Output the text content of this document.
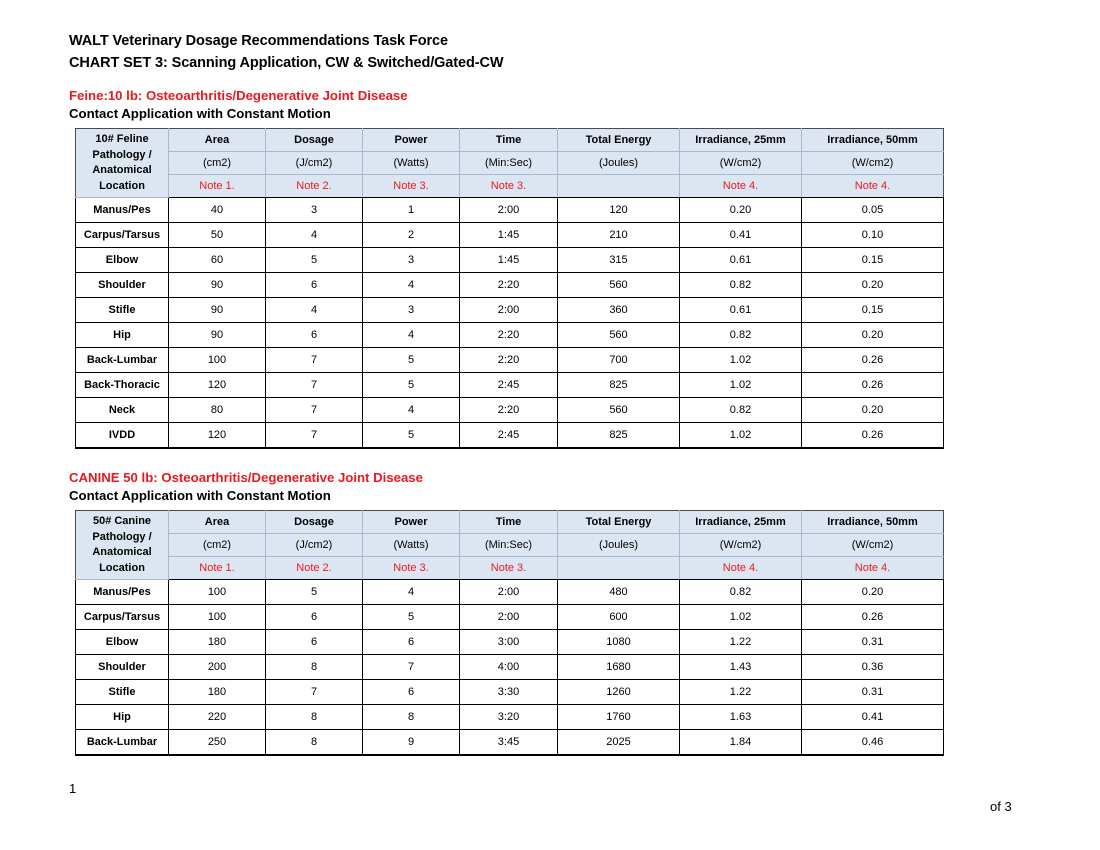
WALT Veterinary Dosage Recommendations Task Force
CHART SET 3: Scanning Application, CW & Switched/Gated-CW
Feine:10 lb: Osteoarthritis/Degenerative Joint Disease
Contact Application with Constant Motion
10# Feline Pathology / Anatomical Location	Area	Dosage	Power	Time	Total Energy	Irradiance, 25mm	Irradiance, 50mm
	(cm2)	(J/cm2)	(Watts)	(Min:Sec)	(Joules)	(W/cm2)	(W/cm2)
	Note 1.	Note 2.	Note 3.	Note 3.		Note 4.	Note 4.
Manus/Pes	40	3	1	2:00	120	0.20	0.05
Carpus/Tarsus	50	4	2	1:45	210	0.41	0.10
Elbow	60	5	3	1:45	315	0.61	0.15
Shoulder	90	6	4	2:20	560	0.82	0.20
Stifle	90	4	3	2:00	360	0.61	0.15
Hip	90	6	4	2:20	560	0.82	0.20
Back-Lumbar	100	7	5	2:20	700	1.02	0.26
Back-Thoracic	120	7	5	2:45	825	1.02	0.26
Neck	80	7	4	2:20	560	0.82	0.20
IVDD	120	7	5	2:45	825	1.02	0.26
CANINE 50 lb: Osteoarthritis/Degenerative Joint Disease
Contact Application with Constant Motion
50# Canine Pathology / Anatomical Location	Area	Dosage	Power	Time	Total Energy	Irradiance, 25mm	Irradiance, 50mm
	(cm2)	(J/cm2)	(Watts)	(Min:Sec)	(Joules)	(W/cm2)	(W/cm2)
	Note 1.	Note 2.	Note 3.	Note 3.		Note 4.	Note 4.
Manus/Pes	100	5	4	2:00	480	0.82	0.20
Carpus/Tarsus	100	6	5	2:00	600	1.02	0.26
Elbow	180	6	6	3:00	1080	1.22	0.31
Shoulder	200	8	7	4:00	1680	1.43	0.36
Stifle	180	7	6	3:30	1260	1.22	0.31
Hip	220	8	8	3:20	1760	1.63	0.41
Back-Lumbar	250	8	9	3:45	2025	1.84	0.46
1
of 3
